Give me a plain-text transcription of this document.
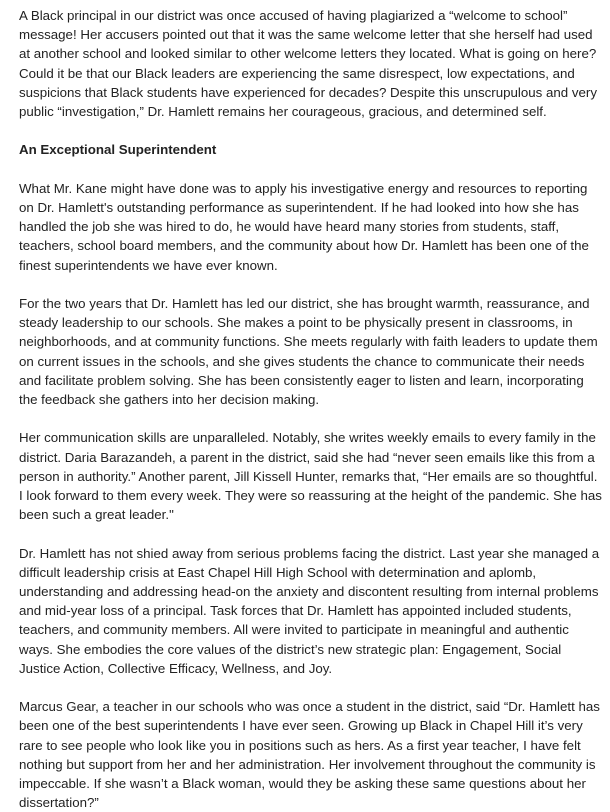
A Black principal in our district was once accused of having plagiarized a “welcome to school” message! Her accusers pointed out that it was the same welcome letter that she herself had used at another school and looked similar to other welcome letters they located. What is going on here? Could it be that our Black leaders are experiencing the same disrespect, low expectations, and suspicions that Black students have experienced for decades? Despite this unscrupulous and very public “investigation,” Dr. Hamlett remains her courageous, gracious, and determined self.

An Exceptional Superintendent

What Mr. Kane might have done was to apply his investigative energy and resources to reporting on Dr. Hamlett's outstanding performance as superintendent. If he had looked into how she has handled the job she was hired to do, he would have heard many stories from students, staff, teachers, school board members, and the community about how Dr. Hamlett has been one of the finest superintendents we have ever known.

For the two years that Dr. Hamlett has led our district, she has brought warmth, reassurance, and steady leadership to our schools. She makes a point to be physically present in classrooms, in neighborhoods, and at community functions. She meets regularly with faith leaders to update them on current issues in the schools, and she gives students the chance to communicate their needs and facilitate problem solving. She has been consistently eager to listen and learn, incorporating the feedback she gathers into her decision making.

Her communication skills are unparalleled. Notably, she writes weekly emails to every family in the district. Daria Barazandeh, a parent in the district, said she had “never seen emails like this from a person in authority.” Another parent, Jill Kissell Hunter, remarks that, “Her emails are so thoughtful. I look forward to them every week. They were so reassuring at the height of the pandemic. She has been such a great leader."

Dr. Hamlett has not shied away from serious problems facing the district. Last year she managed a difficult leadership crisis at East Chapel Hill High School with determination and aplomb, understanding and addressing head-on the anxiety and discontent resulting from internal problems and mid-year loss of a principal. Task forces that Dr. Hamlett has appointed included students, teachers, and community members. All were invited to participate in meaningful and authentic ways. She embodies the core values of the district’s new strategic plan: Engagement, Social Justice Action, Collective Efficacy, Wellness, and Joy.

Marcus Gear, a teacher in our schools who was once a student in the district, said “Dr. Hamlett has been one of the best superintendents I have ever seen. Growing up Black in Chapel Hill it’s very rare to see people who look like you in positions such as hers. As a first year teacher, I have felt nothing but support from her and her administration. Her involvement throughout the community is impeccable. If she wasn’t a Black woman, would they be asking these same questions about her dissertation?”
